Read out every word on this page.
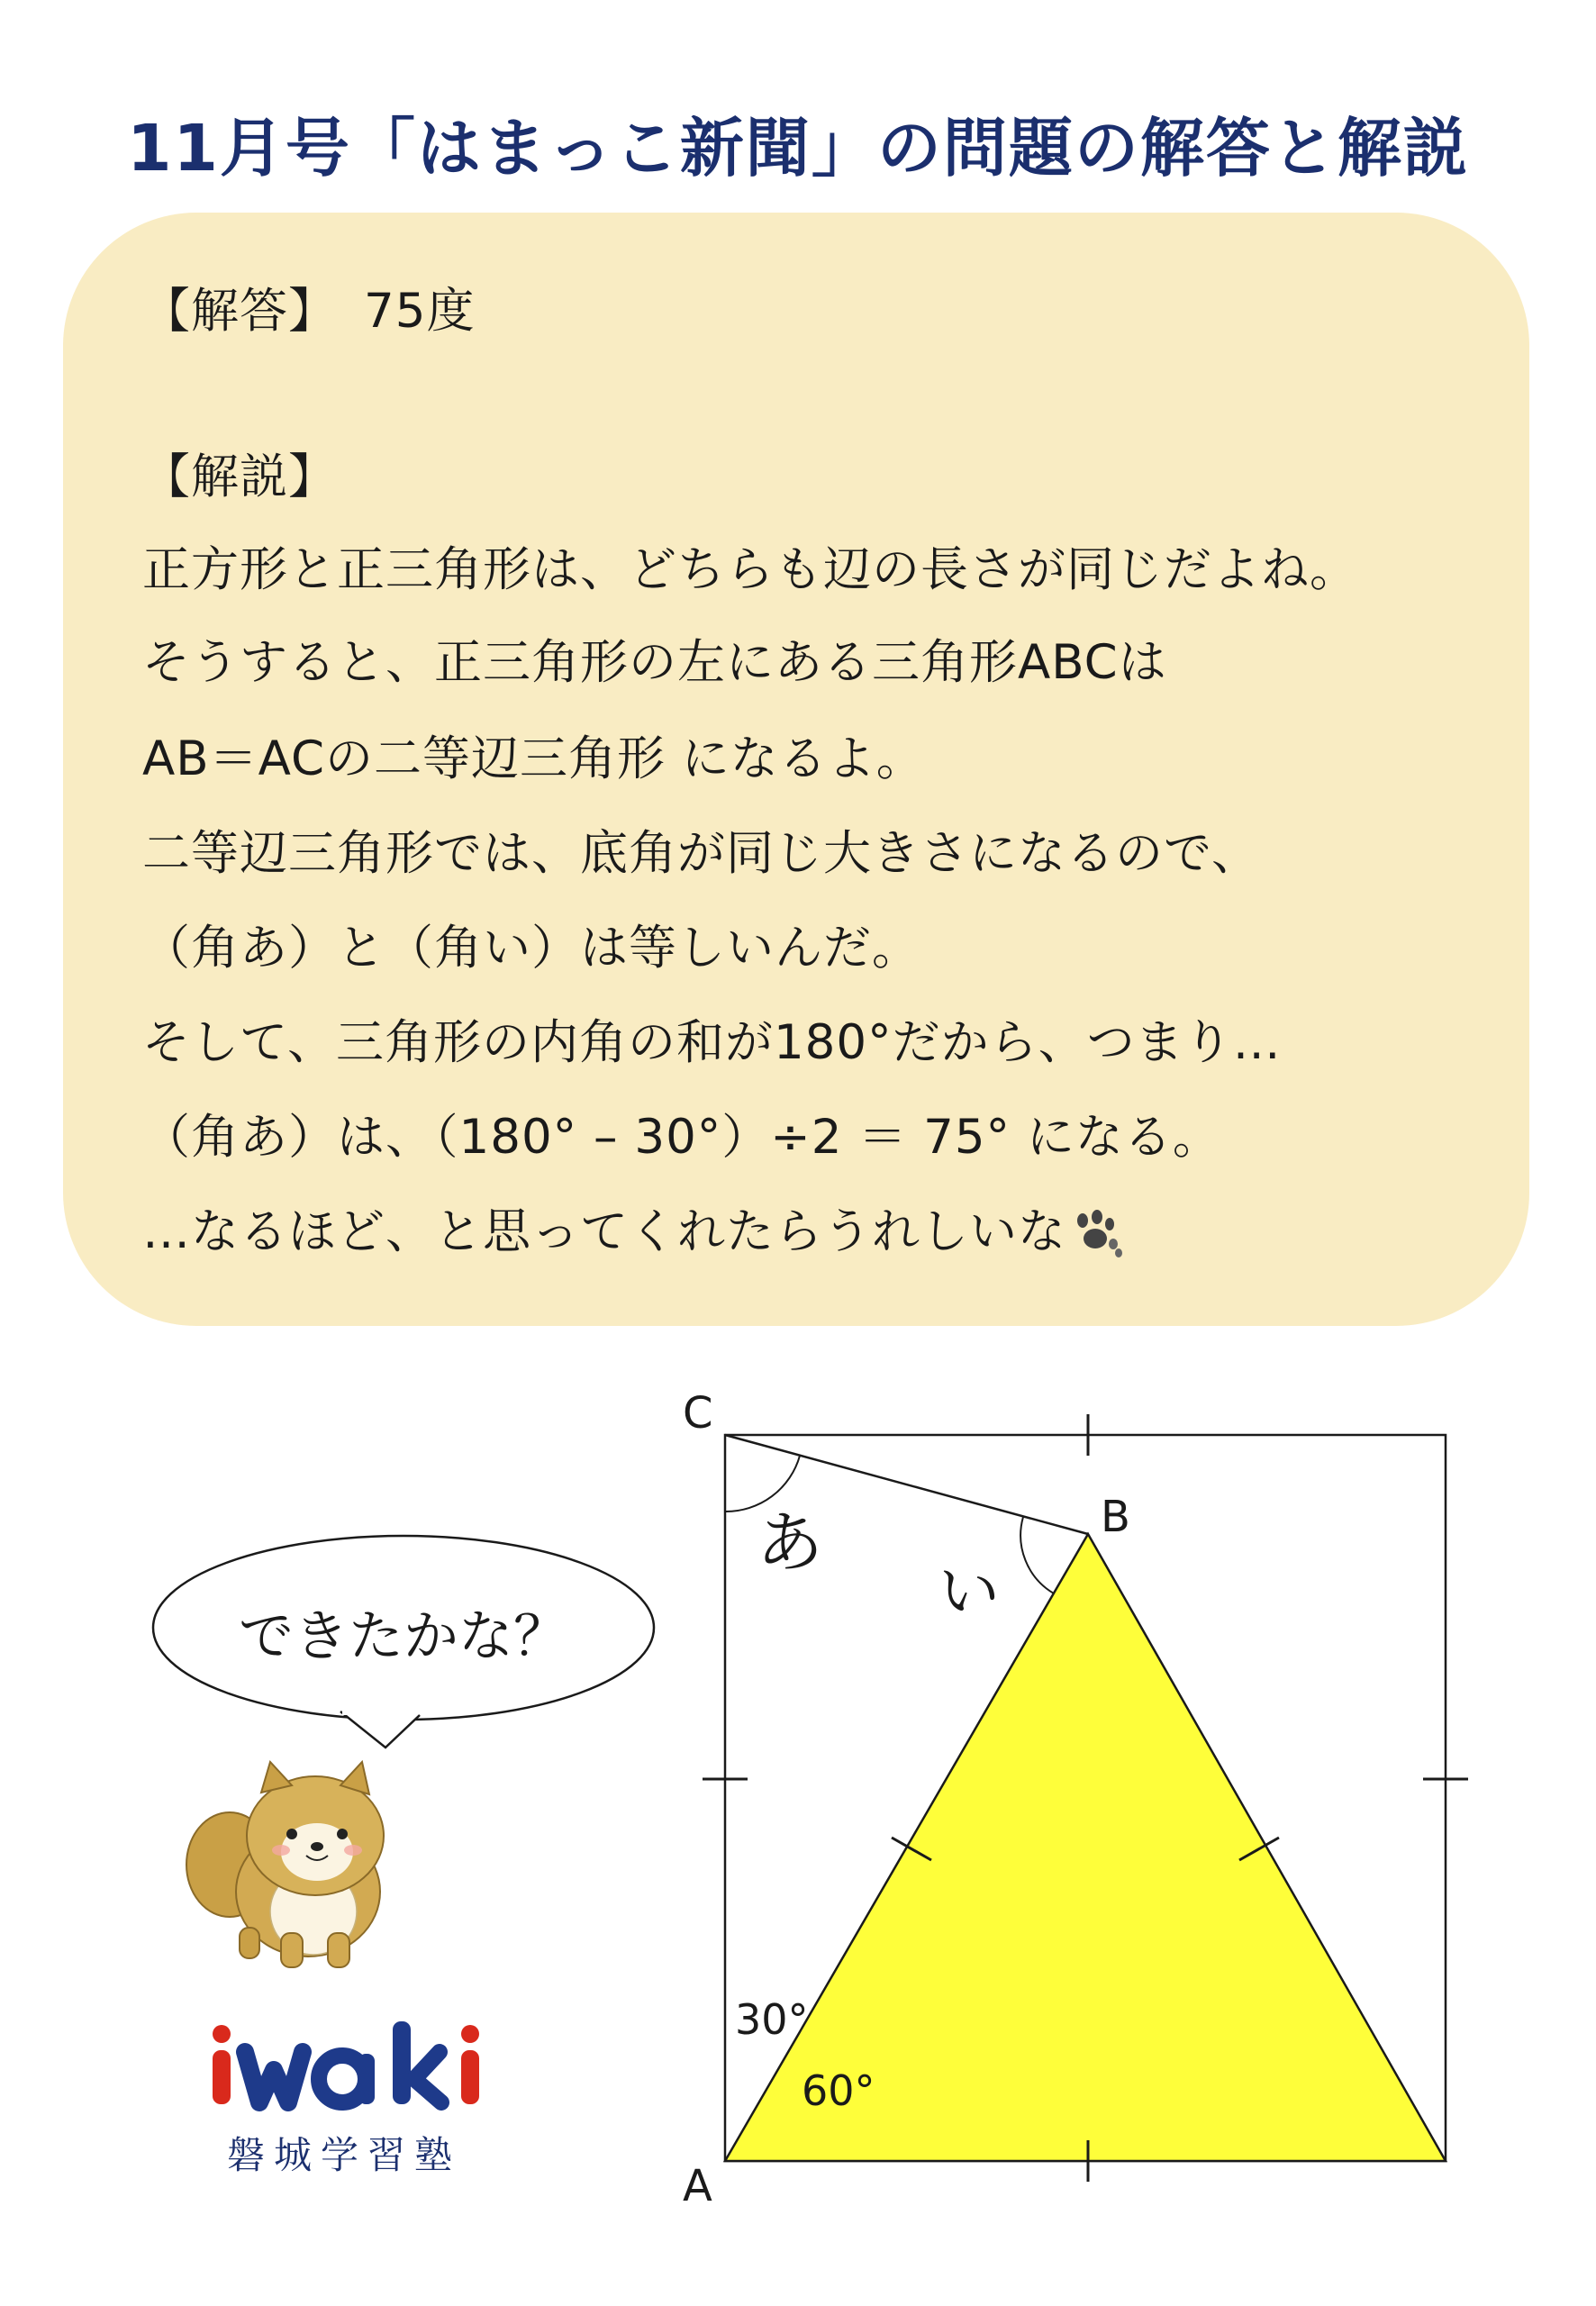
11月号「はまっこ新聞」の問題の解答と解説
【解答】 75度
【解説】
正方形と正三角形は、どちらも辺の長さが同じだよね。
そうすると、正三角形の左にある三角形ABCは
AB＝ACの二等辺三角形 になるよ。
二等辺三角形では、底角が同じ大きさになるので、
（角あ）と（角い）は等しいんだ。
そして、三角形の内角の和が180°だから、つまり…
（角あ）は、（180° – 30°）÷2 ＝ 75° になる。
…なるほど、と思ってくれたらうれしいな
できたかな？
磐城学習塾
C
B
A
あ
い
30°
60°
